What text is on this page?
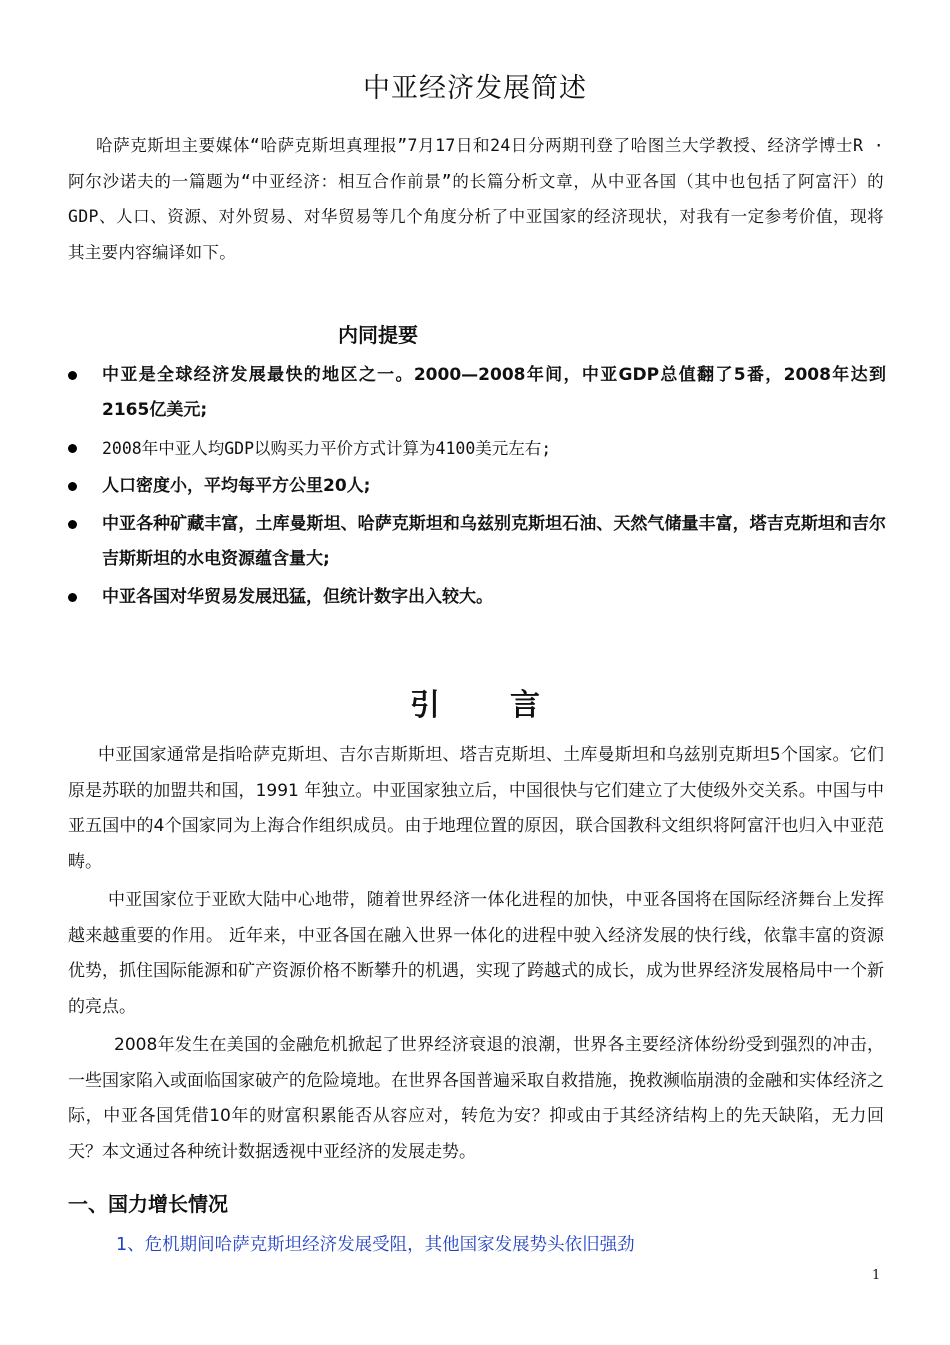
中亚经济发展简述
哈萨克斯坦主要媒体“哈萨克斯坦真理报”7月17日和24日分两期刊登了哈图兰大学教授、经济学博士R ·阿尔沙诺夫的一篇题为“中亚经济：相互合作前景”的长篇分析文章，从中亚各国（其中也包括了阿富汗）的GDP、人口、资源、对外贸易、对华贸易等几个角度分析了中亚国家的经济现状，对我有一定参考价值，现将其主要内容编译如下。
内同提要
中亚是全球经济发展最快的地区之一。2000—2008年间，中亚GDP总值翻了5番，2008年达到2165亿美元;
2008年中亚人均GDP以购买力平价方式计算为4100美元左右;
人口密度小，平均每平方公里20人;
中亚各种矿藏丰富，土库曼斯坦、哈萨克斯坦和乌兹别克斯坦石油、天然气储量丰富，塔吉克斯坦和吉尔吉斯斯坦的水电资源蕴含量大;
中亚各国对华贸易发展迅猛，但统计数字出入较大。
引言

中亚国家通常是指哈萨克斯坦、吉尔吉斯斯坦、塔吉克斯坦、土库曼斯坦和乌兹别克斯坦5个国家。它们原是苏联的加盟共和国，1991 年独立。中亚国家独立后，中国很快与它们建立了大使级外交关系。中国与中亚五国中的4个国家同为上海合作组织成员。由于地理位置的原因，联合国教科文组织将阿富汗也归入中亚范畴。

中亚国家位于亚欧大陆中心地带，随着世界经济一体化进程的加快，中亚各国将在国际经济舞台上发挥越来越重要的作用。 近年来，中亚各国在融入世界一体化的进程中驶入经济发展的快行线，依靠丰富的资源优势，抓住国际能源和矿产资源价格不断攀升的机遇，实现了跨越式的成长，成为世界经济发展格局中一个新的亮点。

2008年发生在美国的金融危机掀起了世界经济衰退的浪潮，世界各主要经济体纷纷受到强烈的冲击，一些国家陷入或面临国家破产的危险境地。在世界各国普遍采取自救措施，挽救濒临崩溃的金融和实体经济之际，中亚各国凭借10年的财富积累能否从容应对，转危为安？抑或由于其经济结构上的先天缺陷，无力回天？本文通过各种统计数据透视中亚经济的发展走势。

一、国力增长情况
1、危机期间哈萨克斯坦经济发展受阻，其他国家发展势头依旧强劲
1
